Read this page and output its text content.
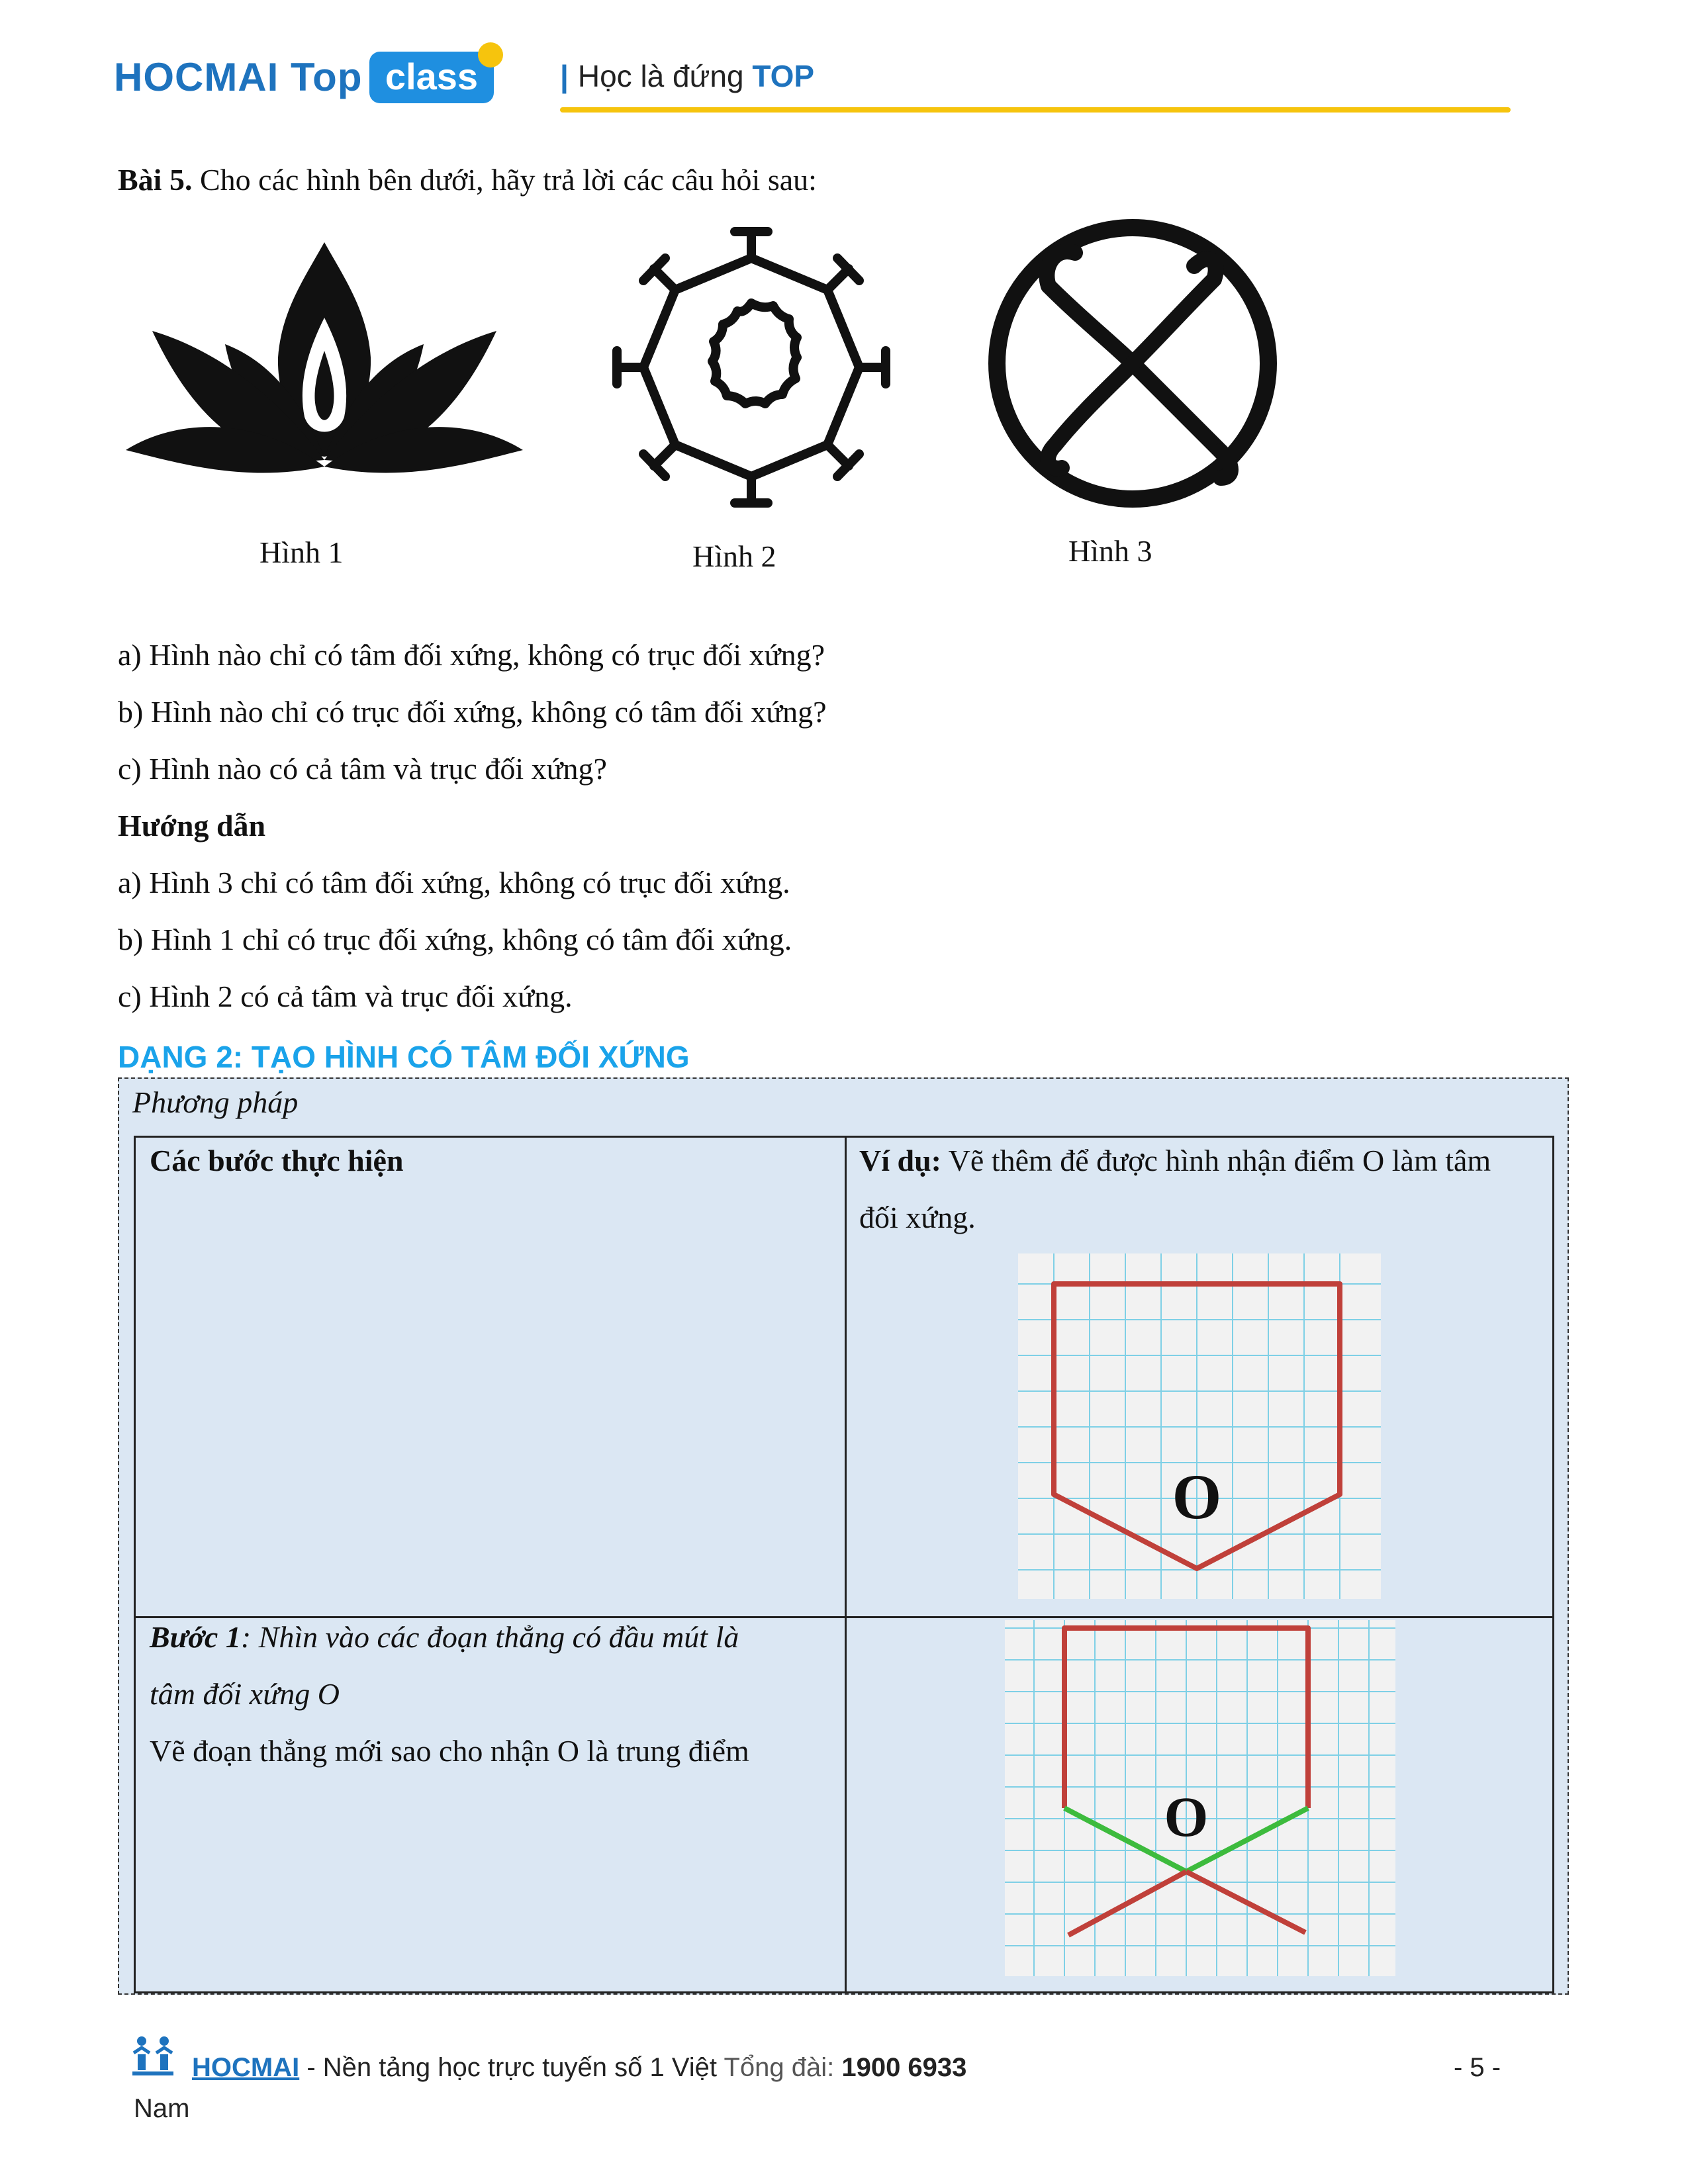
HOCMAI Top class	| Học là đứng TOP
Bài 5. Cho các hình bên dưới, hãy trả lời các câu hỏi sau:
Hình 1	Hình 2	Hình 3
a) Hình nào chỉ có tâm đối xứng, không có trục đối xứng?
b) Hình nào chỉ có trục đối xứng, không có tâm đối xứng?
c) Hình nào có cả tâm và trục đối xứng?
Hướng dẫn
a) Hình 3 chỉ có tâm đối xứng, không có trục đối xứng.
b) Hình 1 chỉ có trục đối xứng, không có tâm đối xứng.
c) Hình 2 có cả tâm và trục đối xứng.
DẠNG 2: TẠO HÌNH CÓ TÂM ĐỐI XỨNG
Phương pháp
Các bước thực hiện	Ví dụ: Vẽ thêm để được hình nhận điểm O làm tâm
đối xứng.
O
Bước 1: Nhìn vào các đoạn thẳng có đầu mút là
tâm đối xứng O
Vẽ đoạn thẳng mới sao cho nhận O là trung điểm
O
HOCMAI - Nền tảng học trực tuyến số 1 Việt Tổng đài: 1900 6933	- 5 -
Nam
